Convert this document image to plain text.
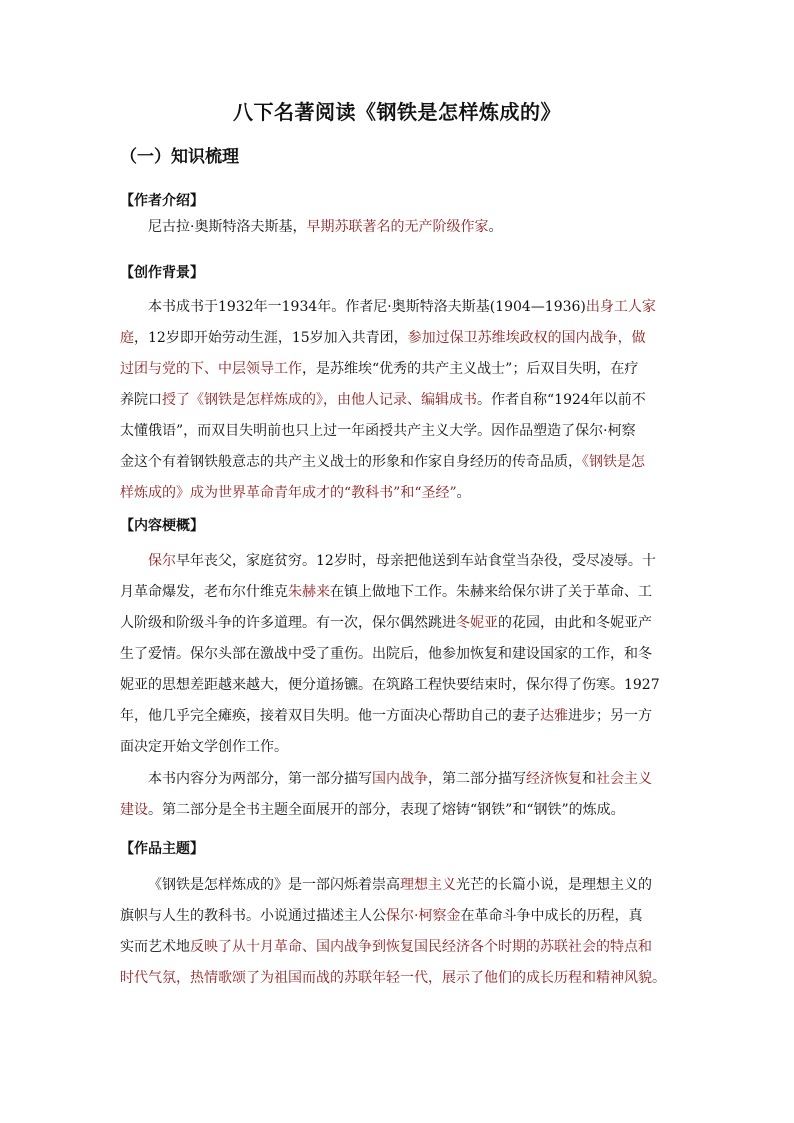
八下名著阅读《钢铁是怎样炼成的》
（一）知识梳理
【作者介绍】
尼古拉·奥斯特洛夫斯基，早期苏联著名的无产阶级作家。
【创作背景】
本书成书于1932年一1934年。作者尼·奥斯特洛夫斯基(1904—1936)出身工人家
庭，12岁即开始劳动生涯，15岁加入共青团，参加过保卫苏维埃政权的国内战争，做
过团与党的下、中层领导工作，是苏维埃“优秀的共产主义战士”；后双目失明，在疗
养院口授了《钢铁是怎样炼成的》，由他人记录、编辑成书。作者自称“1924年以前不
太懂俄语”，而双目失明前也只上过一年函授共产主义大学。因作品塑造了保尔·柯察
金这个有着钢铁般意志的共产主义战士的形象和作家自身经历的传奇品质，《钢铁是怎
样炼成的》成为世界革命青年成才的“教科书”和“圣经”。
【内容梗概】
保尔早年丧父，家庭贫穷。12岁时，母亲把他送到车站食堂当杂役，受尽凌辱。十
月革命爆发，老布尔什维克朱赫来在镇上做地下工作。朱赫来给保尔讲了关于革命、工
人阶级和阶级斗争的许多道理。有一次，保尔偶然跳进冬妮亚的花园，由此和冬妮亚产
生了爱情。保尔头部在激战中受了重伤。出院后，他参加恢复和建设国家的工作，和冬
妮亚的思想差距越来越大，便分道扬镳。在筑路工程快要结束时，保尔得了伤寒。1927
年，他几乎完全瘫痪，接着双目失明。他一方面决心帮助自己的妻子达雅进步；另一方
面决定开始文学创作工作。
本书内容分为两部分，第一部分描写国内战争，第二部分描写经济恢复和社会主义
建设。第二部分是全书主题全面展开的部分，表现了熔铸“钢铁”和“钢铁”的炼成。
【作品主题】
《钢铁是怎样炼成的》是一部闪烁着崇高理想主义光芒的长篇小说，是理想主义的
旗帜与人生的教科书。小说通过描述主人公保尔·柯察金在革命斗争中成长的历程，真
实而艺术地反映了从十月革命、国内战争到恢复国民经济各个时期的苏联社会的特点和
时代气氛，热情歌颂了为祖国而战的苏联年轻一代，展示了他们的成长历程和精神风貌。
